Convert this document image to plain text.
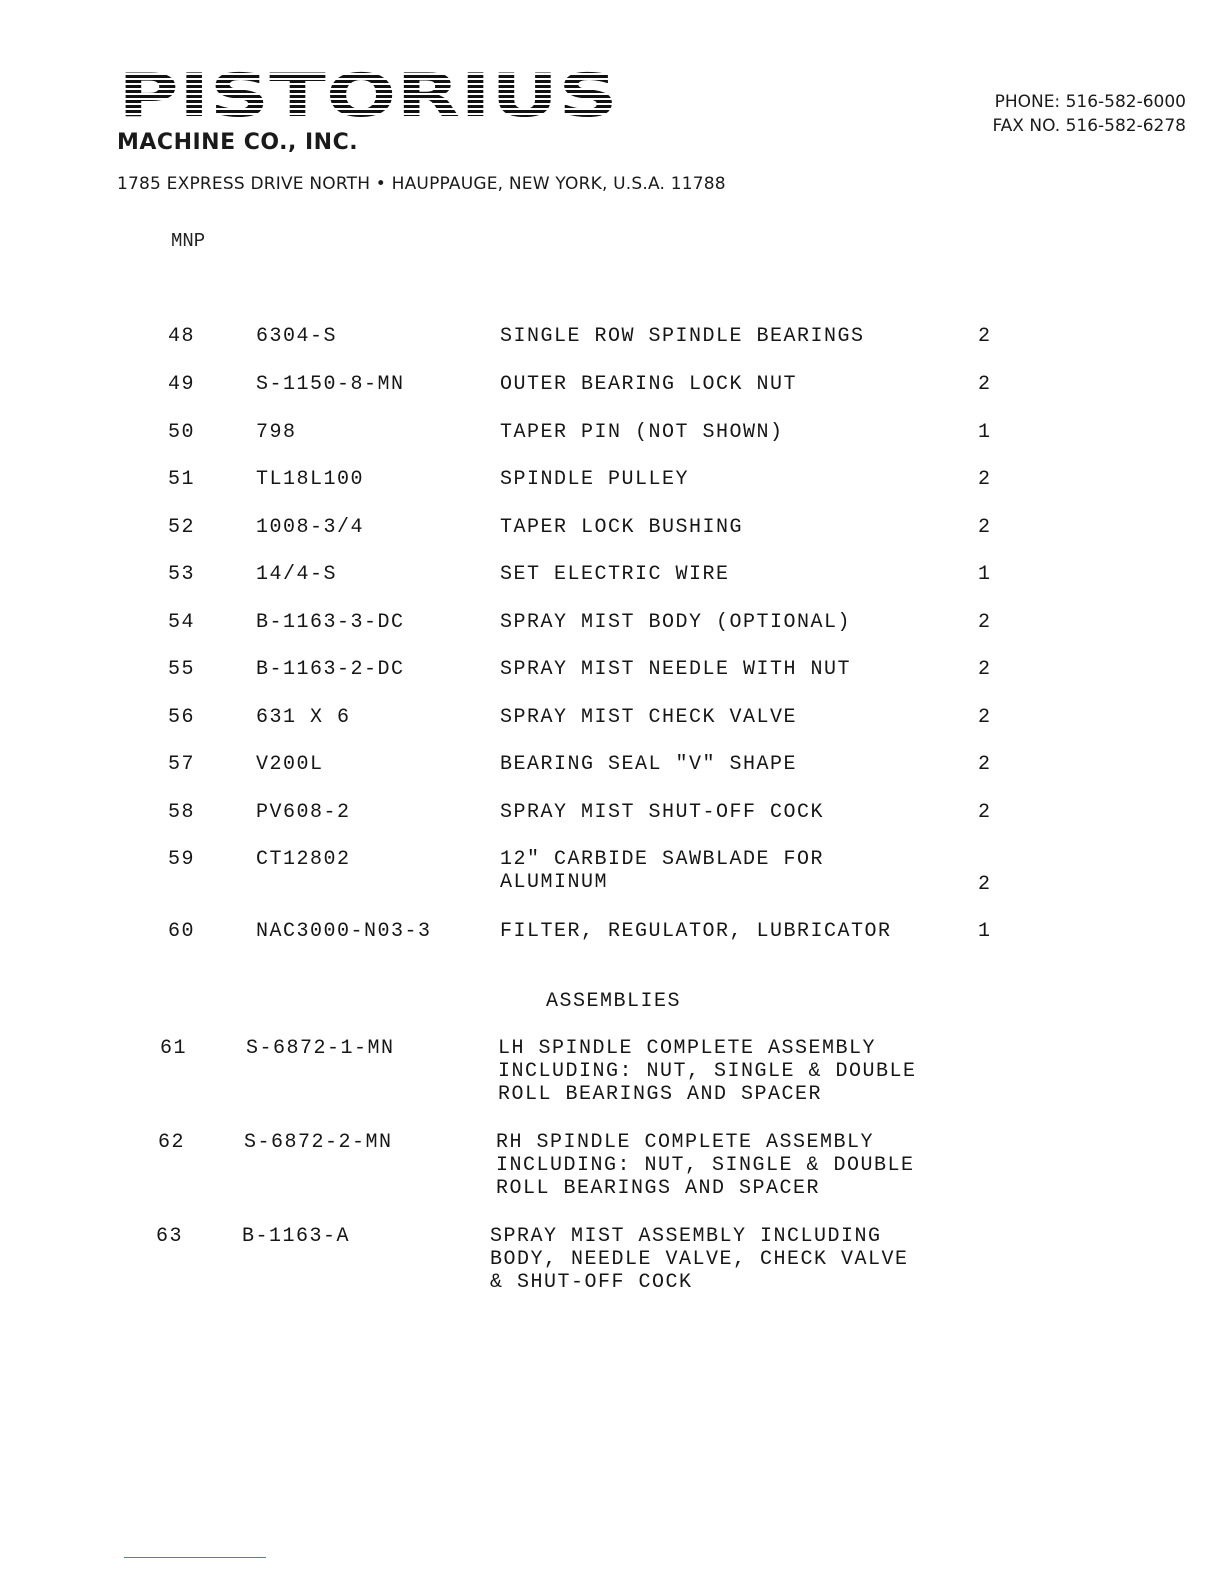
PISTORIUS
MACHINE CO., INC.
1785 EXPRESS DRIVE NORTH • HAUPPAUGE, NEW YORK, U.S.A. 11788
PHONE: 516-582-6000
FAX NO. 516-582-6278
MNP
48	6304-S	SINGLE ROW SPINDLE BEARINGS	2
49	S-1150-8-MN	OUTER BEARING LOCK NUT	2
50	798	TAPER PIN (NOT SHOWN)	1
51	TL18L100	SPINDLE PULLEY	2
52	1008-3/4	TAPER LOCK BUSHING	2
53	14/4-S	SET ELECTRIC WIRE	1
54	B-1163-3-DC	SPRAY MIST BODY (OPTIONAL)	2
55	B-1163-2-DC	SPRAY MIST NEEDLE WITH NUT	2
56	631 X 6	SPRAY MIST CHECK VALVE	2
57	V200L	BEARING SEAL "V" SHAPE	2
58	PV608-2	SPRAY MIST SHUT-OFF COCK	2
59	CT12802	12" CARBIDE SAWBLADE FOR
ALUMINUM	2
60	NAC3000-N03-3	FILTER, REGULATOR, LUBRICATOR	1
ASSEMBLIES
61	S-6872-1-MN	LH SPINDLE COMPLETE ASSEMBLY
INCLUDING: NUT, SINGLE & DOUBLE
ROLL BEARINGS AND SPACER
62	S-6872-2-MN	RH SPINDLE COMPLETE ASSEMBLY
INCLUDING: NUT, SINGLE & DOUBLE
ROLL BEARINGS AND SPACER
63	B-1163-A	SPRAY MIST ASSEMBLY INCLUDING
BODY, NEEDLE VALVE, CHECK VALVE
& SHUT-OFF COCK
